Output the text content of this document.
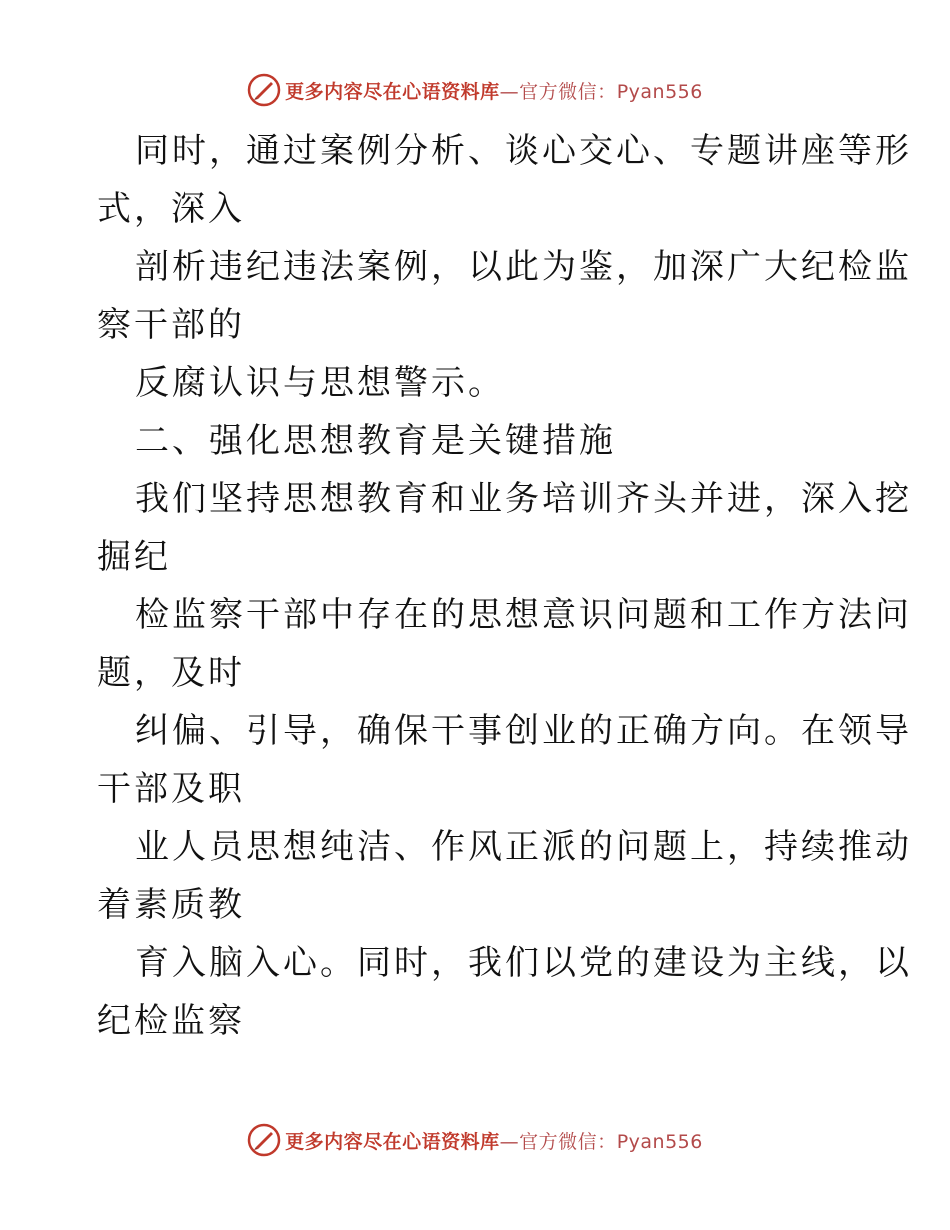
更多内容尽在心语资料库—官方微信：Pyan556
同时，通过案例分析、谈心交心、专题讲座等形
式，深入
剖析违纪违法案例，以此为鉴，加深广大纪检监
察干部的
反腐认识与思想警示。
二、强化思想教育是关键措施
我们坚持思想教育和业务培训齐头并进，深入挖
掘纪
检监察干部中存在的思想意识问题和工作方法问
题，及时
纠偏、引导，确保干事创业的正确方向。在领导
干部及职
业人员思想纯洁、作风正派的问题上，持续推动
着素质教
育入脑入心。同时，我们以党的建设为主线，以
纪检监察
更多内容尽在心语资料库—官方微信：Pyan556
